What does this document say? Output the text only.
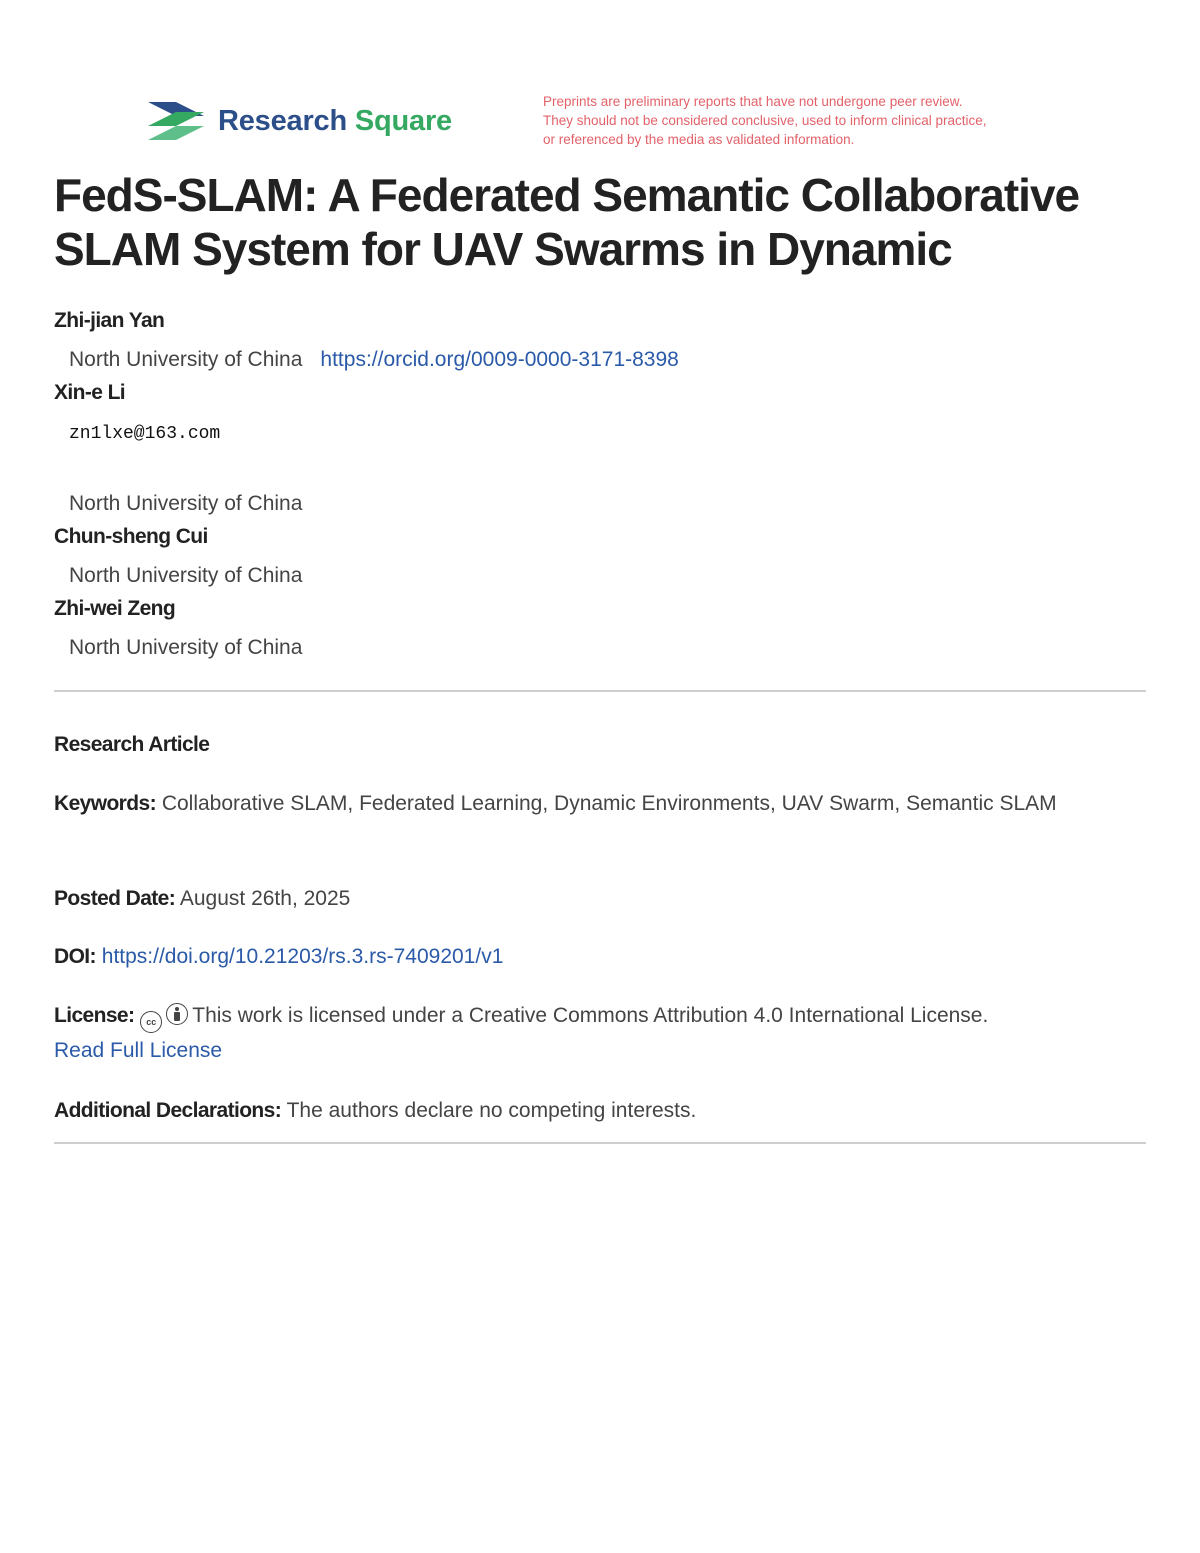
Research Square
Preprints are preliminary reports that have not undergone peer review.
They should not be considered conclusive, used to inform clinical practice,
or referenced by the media as validated information.
FedS-SLAM: A Federated Semantic Collaborative SLAM System for UAV Swarms in Dynamic
Zhi-jian Yan
North University of China https://orcid.org/0009-0000-3171-8398
Xin-e Li
zn1lxe@163.com
North University of China
Chun-sheng Cui
North University of China
Zhi-wei Zeng
North University of China
Research Article
Keywords: Collaborative SLAM, Federated Learning, Dynamic Environments, UAV Swarm, Semantic SLAM
Posted Date: August 26th, 2025
DOI: https://doi.org/10.21203/rs.3.rs-7409201/v1
License: cc This work is licensed under a Creative Commons Attribution 4.0 International License.
Read Full License
Additional Declarations: The authors declare no competing interests.
